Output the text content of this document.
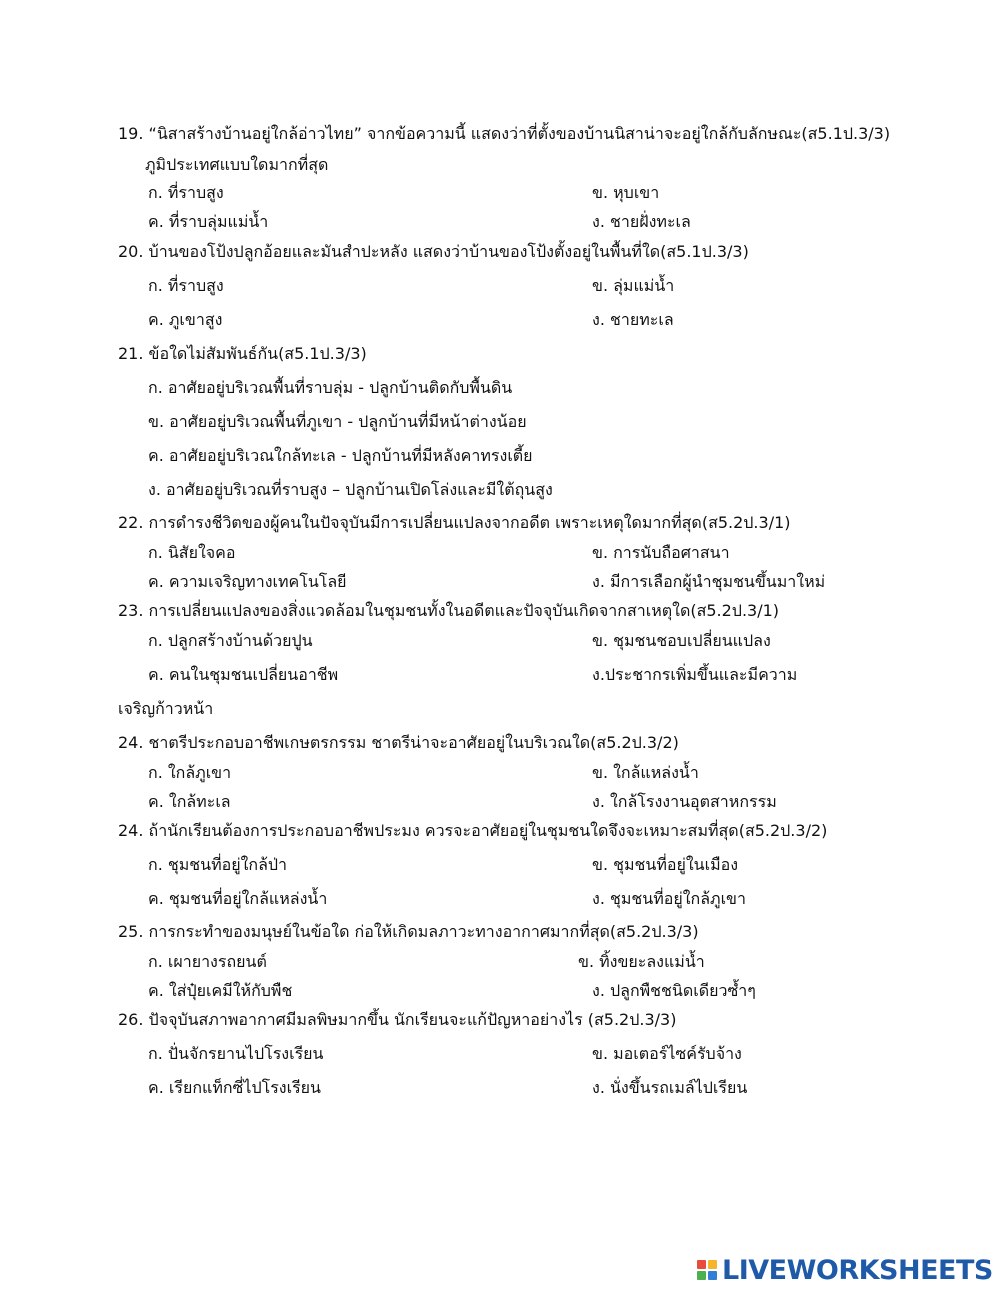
19. “นิสาสร้างบ้านอยู่ใกล้อ่าวไทย” จากข้อความนี้ แสดงว่าที่ตั้งของบ้านนิสาน่าจะอยู่ใกล้กับลักษณะ(ส5.1ป.3/3)
ภูมิประเทศแบบใดมากที่สุด
ก. ที่ราบสูง	ข. หุบเขา
ค. ที่ราบลุ่มแม่น้ำ	ง. ชายฝั่งทะเล
20. บ้านของโป้งปลูกอ้อยและมันสำปะหลัง แสดงว่าบ้านของโป้งตั้งอยู่ในพื้นที่ใด(ส5.1ป.3/3)
ก. ที่ราบสูง	ข. ลุ่มแม่น้ำ
ค. ภูเขาสูง	ง. ชายทะเล
21. ข้อใดไม่สัมพันธ์กัน(ส5.1ป.3/3)
ก. อาศัยอยู่บริเวณพื้นที่ราบลุ่ม - ปลูกบ้านติดกับพื้นดิน
ข. อาศัยอยู่บริเวณพื้นที่ภูเขา - ปลูกบ้านที่มีหน้าต่างน้อย
ค. อาศัยอยู่บริเวณใกล้ทะเล - ปลูกบ้านที่มีหลังคาทรงเตี้ย
ง. อาศัยอยู่บริเวณที่ราบสูง – ปลูกบ้านเปิดโล่งและมีใต้ถุนสูง
22. การดำรงชีวิตของผู้คนในปัจจุบันมีการเปลี่ยนแปลงจากอดีต เพราะเหตุใดมากที่สุด(ส5.2ป.3/1)
ก. นิสัยใจคอ	ข. การนับถือศาสนา
ค. ความเจริญทางเทคโนโลยี	ง. มีการเลือกผู้นำชุมชนขึ้นมาใหม่
23. การเปลี่ยนแปลงของสิ่งแวดล้อมในชุมชนทั้งในอดีตและปัจจุบันเกิดจากสาเหตุใด(ส5.2ป.3/1)
ก. ปลูกสร้างบ้านด้วยปูน	ข. ชุมชนชอบเปลี่ยนแปลง
ค. คนในชุมชนเปลี่ยนอาชีพ	ง.ประชากรเพิ่มขึ้นและมีความ
เจริญก้าวหน้า
24. ชาตรีประกอบอาชีพเกษตรกรรม ชาตรีน่าจะอาศัยอยู่ในบริเวณใด(ส5.2ป.3/2)
ก. ใกล้ภูเขา	ข. ใกล้แหล่งน้ำ
ค. ใกล้ทะเล	ง. ใกล้โรงงานอุตสาหกรรม
24. ถ้านักเรียนต้องการประกอบอาชีพประมง ควรจะอาศัยอยู่ในชุมชนใดจึงจะเหมาะสมที่สุด(ส5.2ป.3/2)
ก. ชุมชนที่อยู่ใกล้ป่า	ข. ชุมชนที่อยู่ในเมือง
ค. ชุมชนที่อยู่ใกล้แหล่งน้ำ	ง. ชุมชนที่อยู่ใกล้ภูเขา
25. การกระทำของมนุษย์ในข้อใด ก่อให้เกิดมลภาวะทางอากาศมากที่สุด(ส5.2ป.3/3)
ก. เผายางรถยนต์	ข. ทิ้งขยะลงแม่น้ำ
ค. ใส่ปุ๋ยเคมีให้กับพืช	ง. ปลูกพืชชนิดเดียวซ้ำๆ
26. ปัจจุบันสภาพอากาศมีมลพิษมากขึ้น นักเรียนจะแก้ปัญหาอย่างไร (ส5.2ป.3/3)
ก. ปั่นจักรยานไปโรงเรียน	ข. มอเตอร์ไซค์รับจ้าง
ค. เรียกแท็กซี่ไปโรงเรียน	ง. นั่งขึ้นรถเมล์ไปเรียน
LIVEWORKSHEETS
